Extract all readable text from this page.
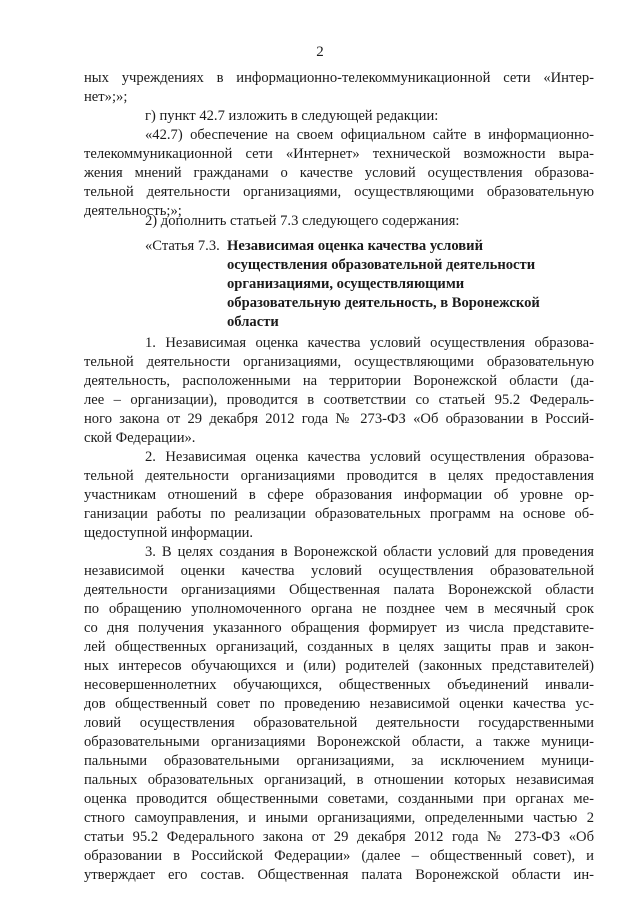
2
ных учреждениях в информационно-телекоммуникационной сети «Интер-
нет»;»;
г) пункт 42.7 изложить в следующей редакции:
«42.7) обеспечение на своем официальном сайте в информационно-
телекоммуникационной сети «Интернет» технической возможности выра-
жения мнений гражданами о качестве условий осуществления образова-
тельной деятельности организациями, осуществляющими образовательную
деятельность;»;
2) дополнить статьей 7.3 следующего содержания:
«Статья 7.3. Независимая оценка качества условий
осуществления образовательной деятельности
организациями, осуществляющими
образовательную деятельность, в Воронежской
области
1. Независимая оценка качества условий осуществления образова-
тельной деятельности организациями, осуществляющими образовательную
деятельность, расположенными на территории Воронежской области (да-
лее – организации), проводится в соответствии со статьей 95.2 Федераль-
ного закона от 29 декабря 2012 года № 273-ФЗ «Об образовании в Россий-
ской Федерации».
2. Независимая оценка качества условий осуществления образова-
тельной деятельности организациями проводится в целях предоставления
участникам отношений в сфере образования информации об уровне ор-
ганизации работы по реализации образовательных программ на основе об-
щедоступной информации.
3. В целях создания в Воронежской области условий для проведения
независимой оценки качества условий осуществления образовательной
деятельности организациями Общественная палата Воронежской области
по обращению уполномоченного органа не позднее чем в месячный срок
со дня получения указанного обращения формирует из числа представите-
лей общественных организаций, созданных в целях защиты прав и закон-
ных интересов обучающихся и (или) родителей (законных представителей)
несовершеннолетних обучающихся, общественных объединений инвали-
дов общественный совет по проведению независимой оценки качества ус-
ловий осуществления образовательной деятельности государственными
образовательными организациями Воронежской области, а также муници-
пальными образовательными организациями, за исключением муници-
пальных образовательных организаций, в отношении которых независимая
оценка проводится общественными советами, созданными при органах ме-
стного самоуправления, и иными организациями, определенными частью 2
статьи 95.2 Федерального закона от 29 декабря 2012 года № 273-ФЗ «Об
образовании в Российской Федерации» (далее – общественный совет), и
утверждает его состав. Общественная палата Воронежской области ин-
